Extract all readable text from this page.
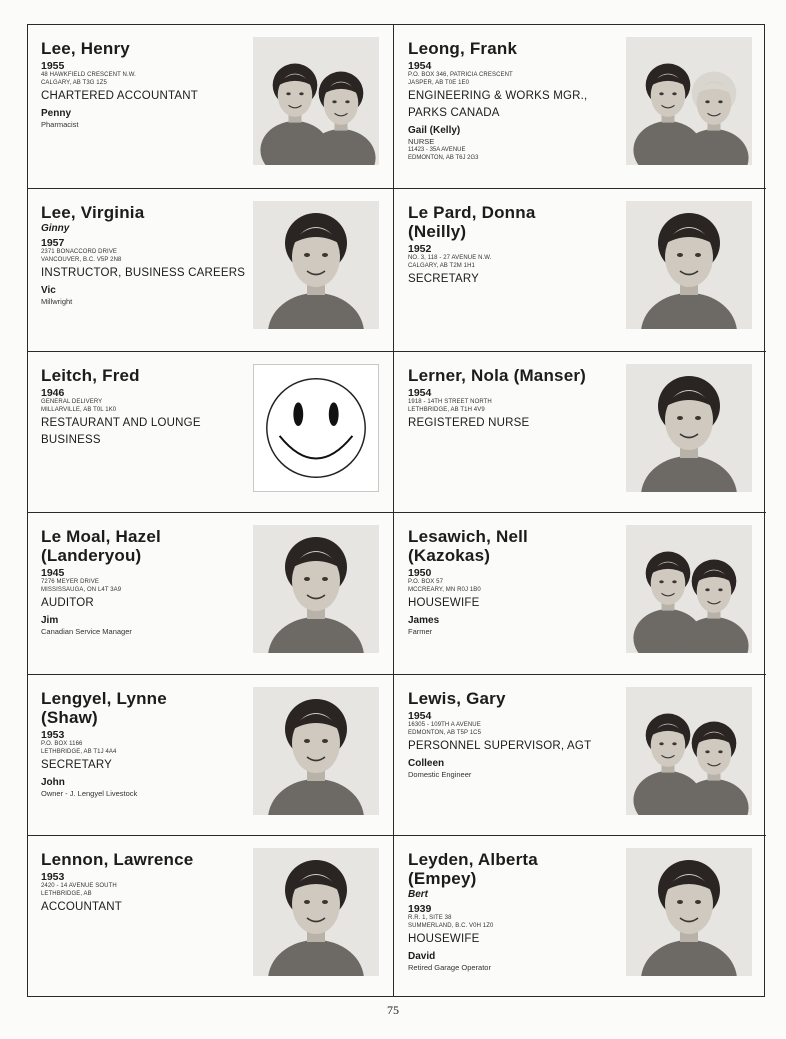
Lee, Henry
1955
48 HAWKFIELD CRESCENT N.W.
CALGARY, AB T3G 1Z5
CHARTERED ACCOUNTANT
Penny
Pharmacist
Leong, Frank
1954
P.O. BOX 346, PATRICIA CRESCENT
JASPER, AB T0E 1E0
ENGINEERING & WORKS MGR.,
PARKS CANADA
Gail (Kelly)
NURSE
11423 - 35A AVENUE
EDMONTON, AB T6J 2G3
Lee, Virginia
Ginny
1957
2371 BONACCORD DRIVE
VANCOUVER, B.C. V5P 2N8
INSTRUCTOR, BUSINESS CAREERS
Vic
Millwright
Le Pard, Donna
(Neilly)
1952
NO. 3, 118 - 27 AVENUE N.W.
CALGARY, AB T2M 1H1
SECRETARY
Leitch, Fred
1946
GENERAL DELIVERY
MILLARVILLE, AB T0L 1K0
RESTAURANT AND LOUNGE
BUSINESS
Lerner, Nola (Manser)
1954
1918 - 14TH STREET NORTH
LETHBRIDGE, AB T1H 4V9
REGISTERED NURSE
Le Moal, Hazel
(Landeryou)
1945
7276 MEYER DRIVE
MISSISSAUGA, ON L4T 3A9
AUDITOR
Jim
Canadian Service Manager
Lesawich, Nell
(Kazokas)
1950
P.O. BOX 57
MCCREARY, MN R0J 1B0
HOUSEWIFE
James
Farmer
Lengyel, Lynne
(Shaw)
1953
P.O. BOX 1166
LETHBRIDGE, AB T1J 4A4
SECRETARY
John
Owner - J. Lengyel Livestock
Lewis, Gary
1954
16305 - 109TH A AVENUE
EDMONTON, AB T5P 1C5
PERSONNEL SUPERVISOR, AGT
Colleen
Domestic Engineer
Lennon, Lawrence
1953
2420 - 14 AVENUE SOUTH
LETHBRIDGE, AB
ACCOUNTANT
Leyden, Alberta
(Empey)
Bert
1939
R.R. 1, SITE 38
SUMMERLAND, B.C. V0H 1Z0
HOUSEWIFE
David
Retired Garage Operator
75
